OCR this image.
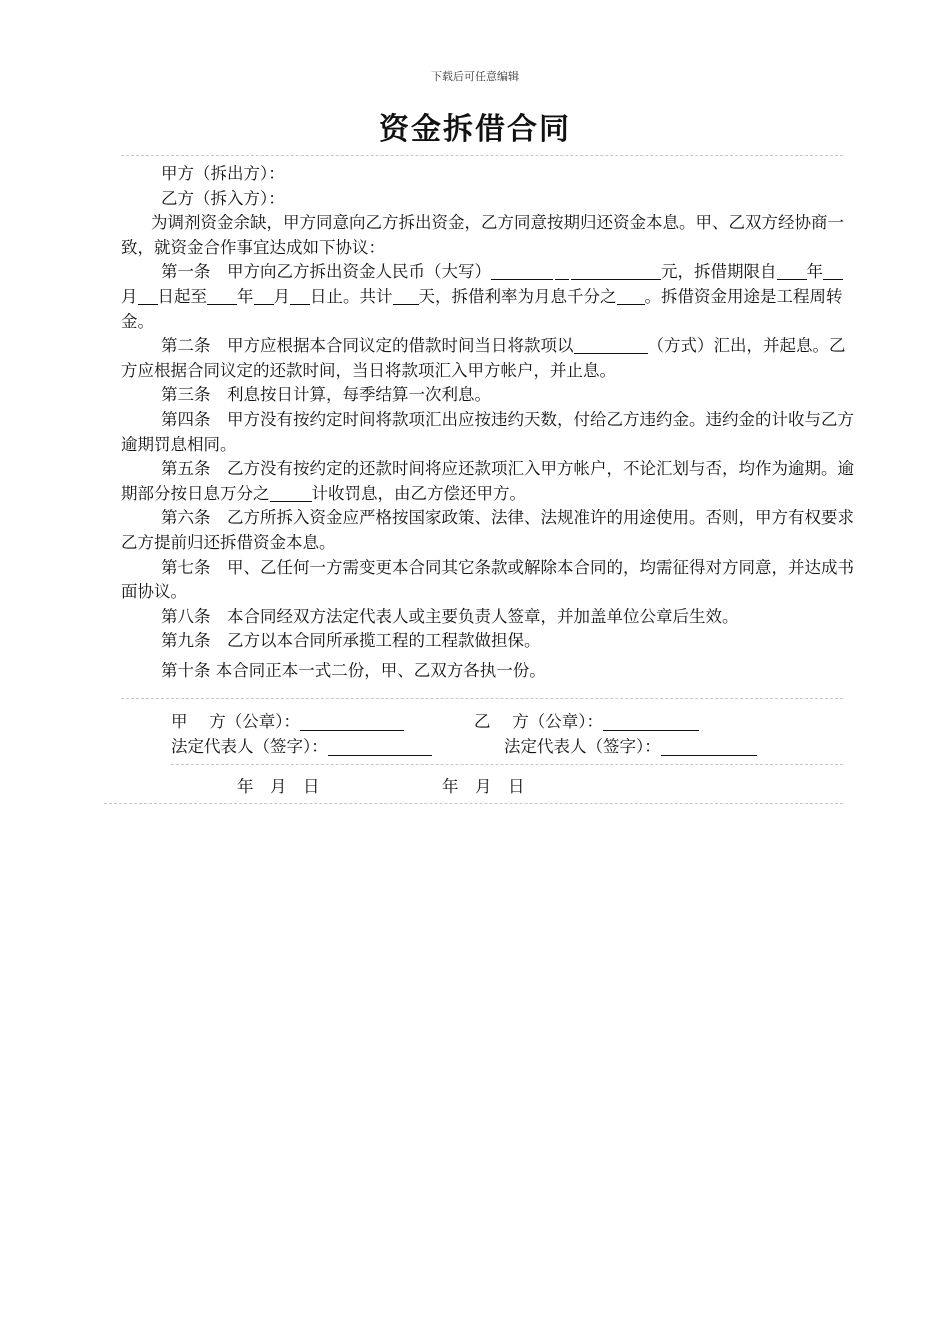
下载后可任意编辑
资金拆借合同

甲方（拆出方）：

乙方（拆入方）：

为调剂资金余缺，甲方同意向乙方拆出资金，乙方同意按期归还资金本息。甲、乙双方经协商一致，就资金合作事宜达成如下协议：

第一条　甲方向乙方拆出资金人民币（大写）	元，拆借期限自 年月 日起至 年 月 日止。共计 天，拆借利率为月息千分之 。拆借资金用途是工程周转金。

第二条　甲方应根据本合同议定的借款时间当日将款项以	（方式）汇出，并起息。乙方应根据合同议定的还款时间，当日将款项汇入甲方帐户，并止息。

第三条　利息按日计算，每季结算一次利息。

第四条　甲方没有按约定时间将款项汇出应按违约天数，付给乙方违约金。违约金的计收与乙方逾期罚息相同。

第五条　乙方没有按约定的还款时间将应还款项汇入甲方帐户，不论汇划与否，均作为逾期。逾期部分按日息万分之	计收罚息，由乙方偿还甲方。

第六条　乙方所拆入资金应严格按国家政策、法律、法规准许的用途使用。否则，甲方有权要求乙方提前归还拆借资金本息。

第七条　甲、乙任何一方需变更本合同其它条款或解除本合同的，均需征得对方同意，并达成书面协议。

第八条　本合同经双方法定代表人或主要负责人签章，并加盖单位公章后生效。

第九条　乙方以本合同所承揽工程的工程款做担保。

第十条 本合同正本一式二份，甲、乙双方各执一份。

甲　 方（公章）：	乙　 方（公章）：
法定代表人（签字）：	法定代表人（签字）：
年　月　日	年　月　日
